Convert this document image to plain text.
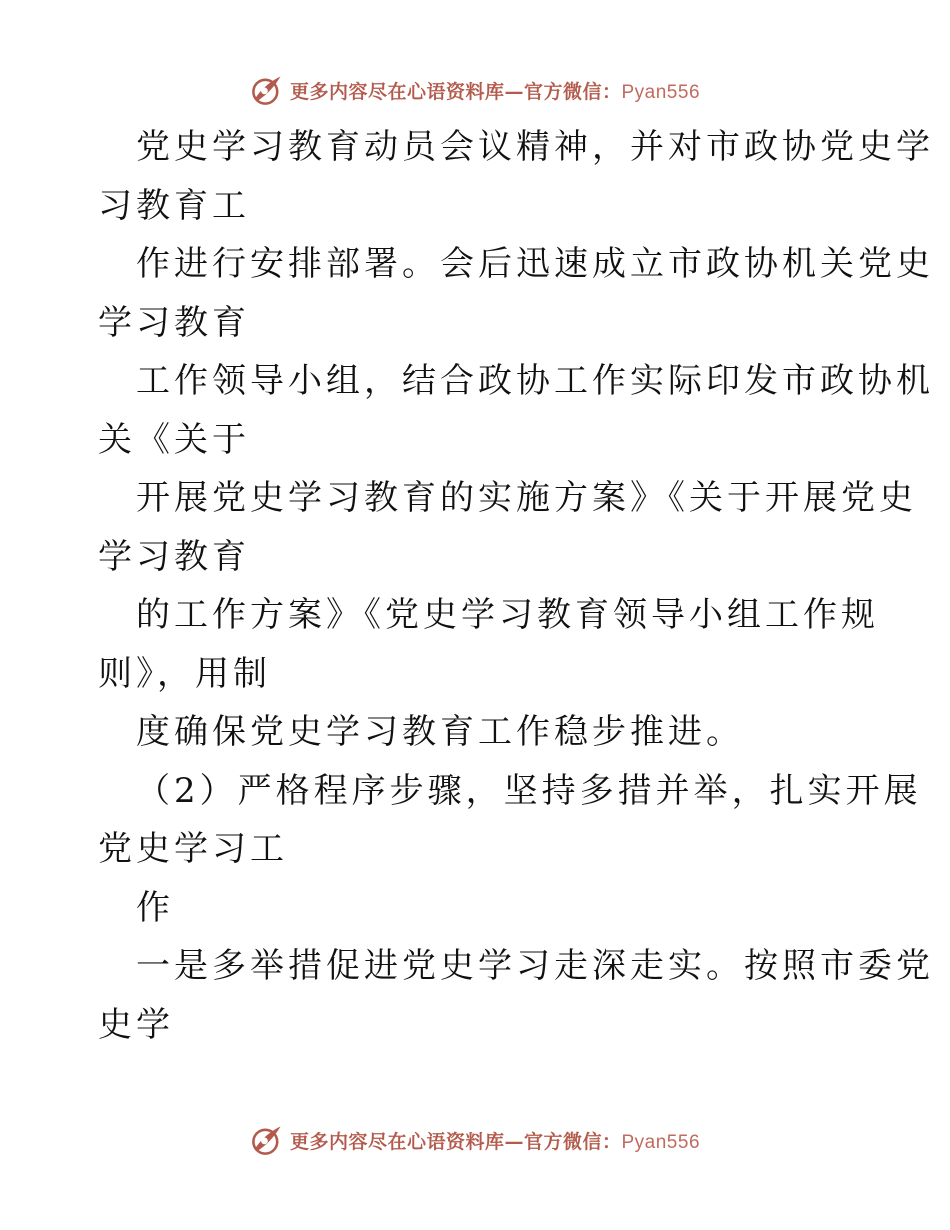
更多内容尽在心语资料库—官方微信：Pyan556
党史学习教育动员会议精神，并对市政协党史学
习教育工
作进行安排部署。会后迅速成立市政协机关党史
学习教育
工作领导小组，结合政协工作实际印发市政协机
关《关于
开展党史学习教育的实施方案》《关于开展党史
学习教育
的工作方案》《党史学习教育领导小组工作规
则》，用制
度确保党史学习教育工作稳步推进。
（2）严格程序步骤，坚持多措并举，扎实开展
党史学习工
作
一是多举措促进党史学习走深走实。按照市委党
史学
更多内容尽在心语资料库—官方微信：Pyan556
